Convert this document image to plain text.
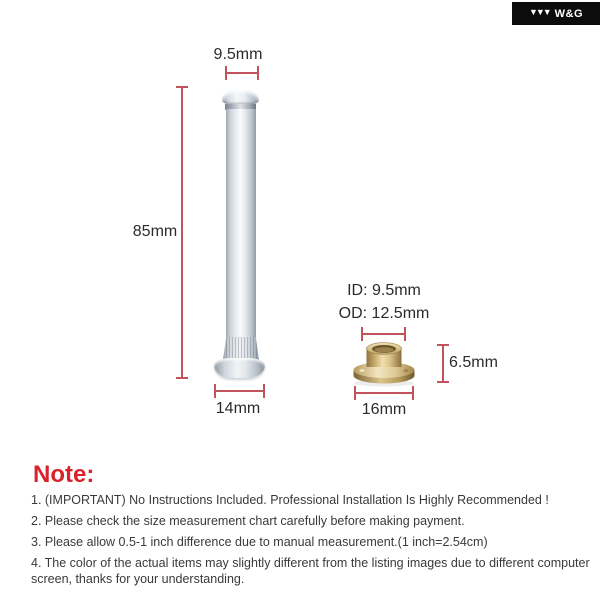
▼▼▼ W&G
9.5mm
85mm
14mm
ID: 9.5mm
OD: 12.5mm
6.5mm
16mm
Note:
1. (IMPORTANT) No Instructions Included. Professional Installation Is Highly Recommended !
2. Please check the size measurement chart carefully before making payment.
3. Please allow 0.5-1 inch difference due to manual measurement.(1 inch=2.54cm)
4. The color of the actual items may slightly different from the listing images due to different computer
screen, thanks for your understanding.
